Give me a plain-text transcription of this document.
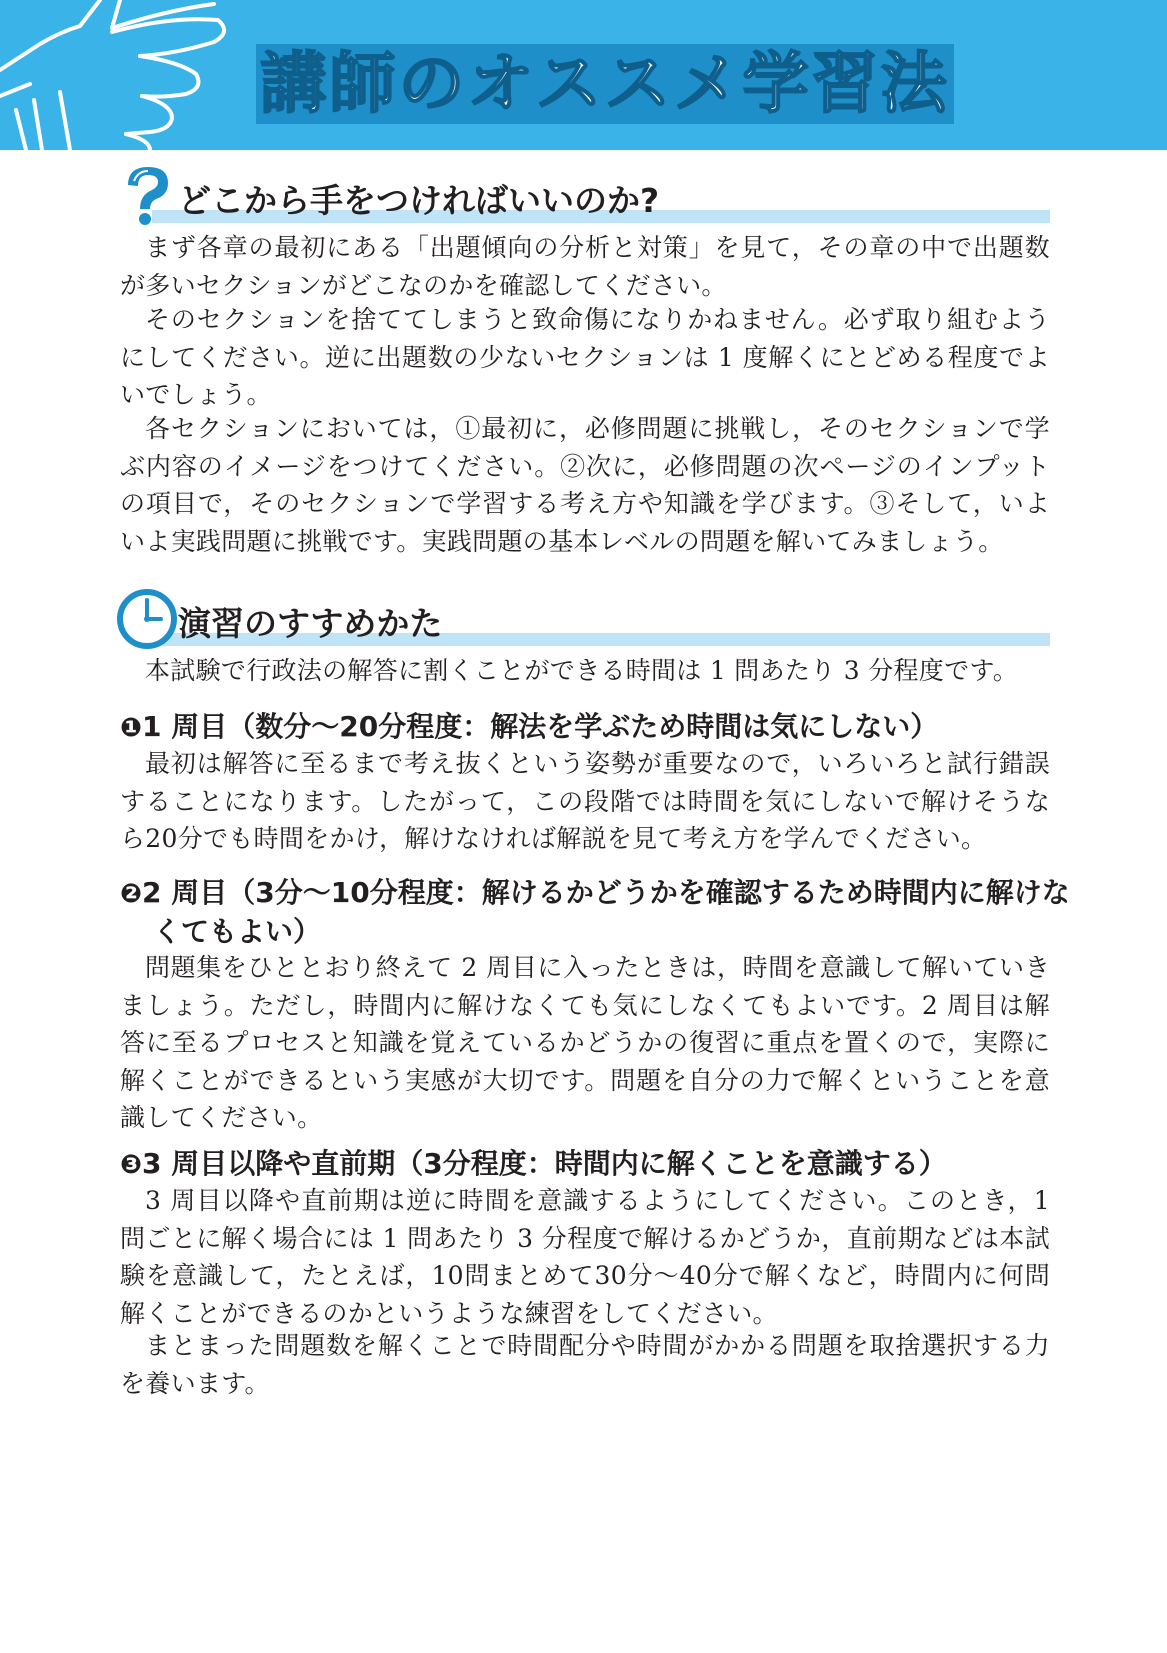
講師のオススメ学習法
どこから手をつければいいのか?

まず各章の最初にある「出題傾向の分析と対策」を見て，その章の中で出題数が多いセクションがどこなのかを確認してください。

そのセクションを捨ててしまうと致命傷になりかねません。必ず取り組むようにしてください。逆に出題数の少ないセクションは 1 度解くにとどめる程度でよいでしょう。

各セクションにおいては，①最初に，必修問題に挑戦し，そのセクションで学ぶ内容のイメージをつけてください。②次に，必修問題の次ページのインプットの項目で，そのセクションで学習する考え方や知識を学びます。③そして，いよいよ実践問題に挑戦です。実践問題の基本レベルの問題を解いてみましょう。

演習のすすめかた

本試験で行政法の解答に割くことができる時間は 1 問あたり 3 分程度です。

❶1 周目（数分～20分程度：解法を学ぶため時間は気にしない）

最初は解答に至るまで考え抜くという姿勢が重要なので，いろいろと試行錯誤することになります。したがって，この段階では時間を気にしないで解けそうなら20分でも時間をかけ，解けなければ解説を見て考え方を学んでください。

❷2 周目（3分～10分程度：解けるかどうかを確認するため時間内に解けなくてもよい）

問題集をひととおり終えて 2 周目に入ったときは，時間を意識して解いていきましょう。ただし，時間内に解けなくても気にしなくてもよいです。2 周目は解答に至るプロセスと知識を覚えているかどうかの復習に重点を置くので，実際に解くことができるという実感が大切です。問題を自分の力で解くということを意識してください。

❸3 周目以降や直前期（3分程度：時間内に解くことを意識する）

3 周目以降や直前期は逆に時間を意識するようにしてください。このとき，1 問ごとに解く場合には 1 問あたり 3 分程度で解けるかどうか，直前期などは本試験を意識して，たとえば，10問まとめて30分～40分で解くなど，時間内に何問解くことができるのかというような練習をしてください。

まとまった問題数を解くことで時間配分や時間がかかる問題を取捨選択する力を養います。
